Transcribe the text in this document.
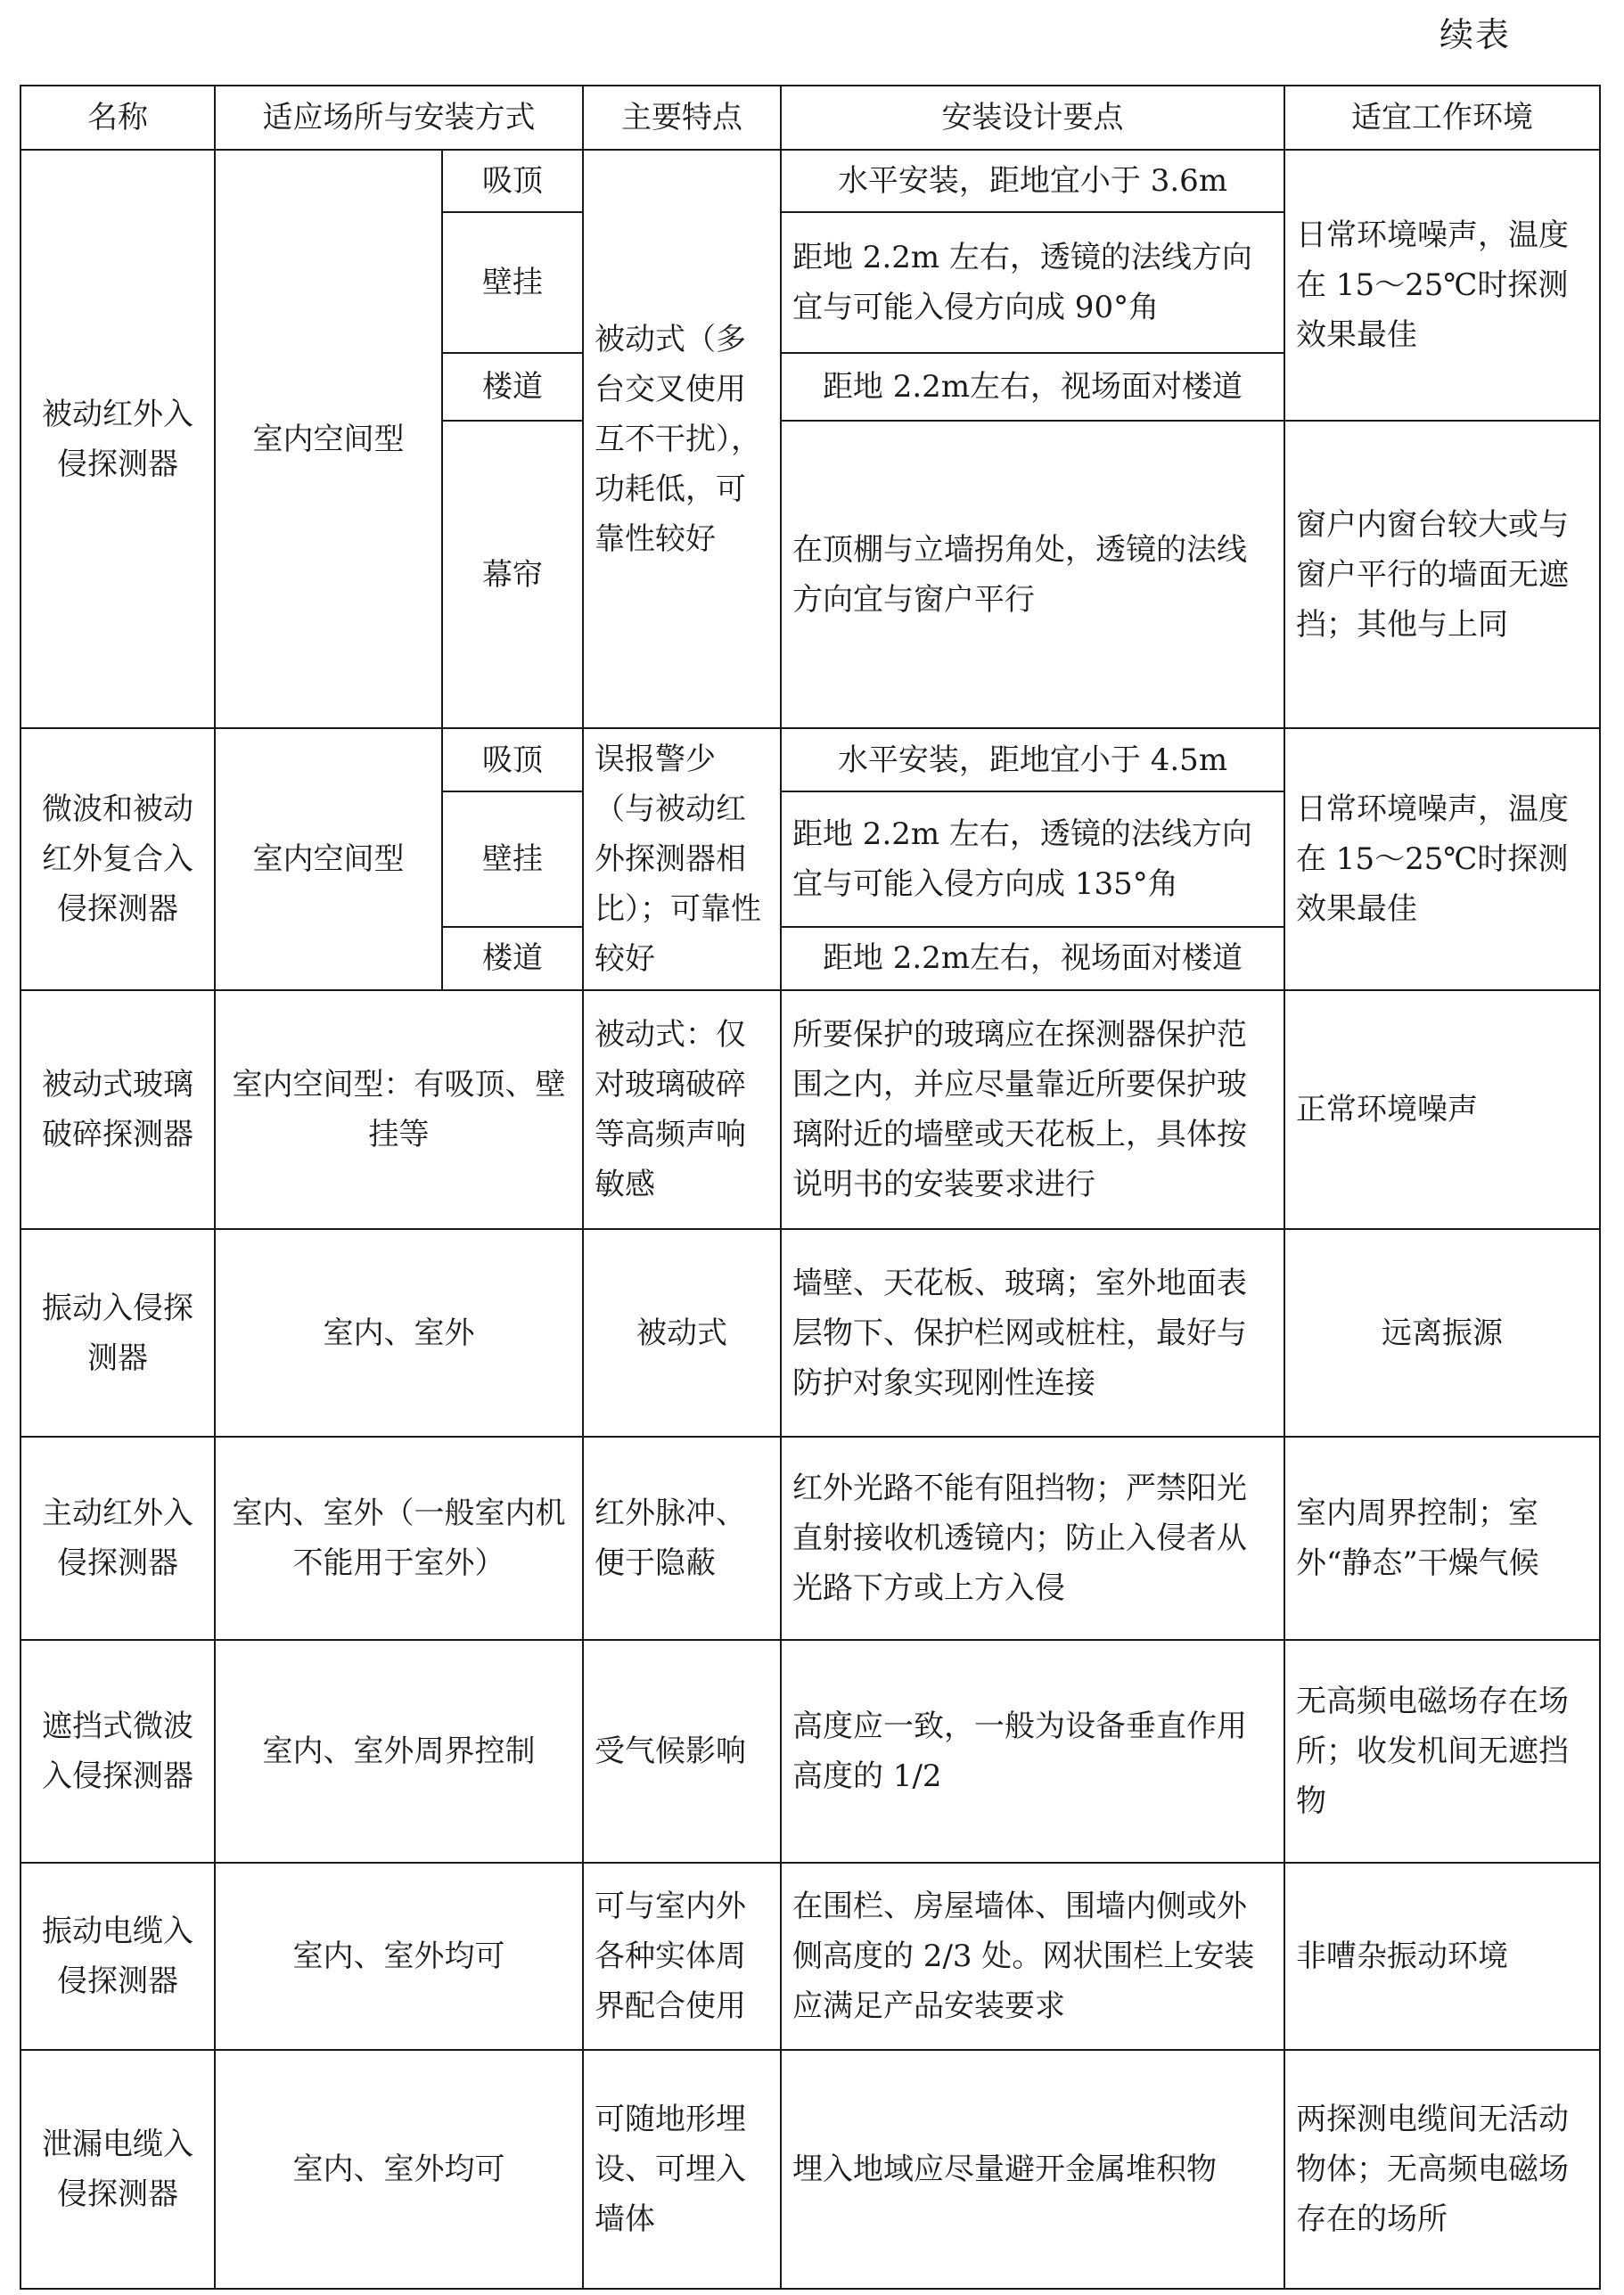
续表
名称	适应场所与安装方式		主要特点	安装设计要点	适宜工作环境
被动红外入侵探测器	室内空间型	吸顶	被动式（多台交叉使用互不干扰），功耗低，可靠性较好	水平安装，距地宜小于 3.6m	日常环境噪声，温度在 15～25℃时探测效果最佳
		壁挂		距地 2.2m 左右，透镜的法线方向宜与可能入侵方向成 90°角	
		楼道		距地 2.2m左右，视场面对楼道	
		幕帘		在顶棚与立墙拐角处，透镜的法线方向宜与窗户平行	窗户内窗台较大或与窗户平行的墙面无遮挡；其他与上同
微波和被动红外复合入侵探测器	室内空间型	吸顶	误报警少（与被动红外探测器相比）；可靠性较好	水平安装，距地宜小于 4.5m	日常环境噪声，温度在 15～25℃时探测效果最佳
		壁挂		距地 2.2m 左右，透镜的法线方向宜与可能入侵方向成 135°角	
		楼道		距地 2.2m左右，视场面对楼道	
被动式玻璃破碎探测器	室内空间型：有吸顶、壁挂等		被动式：仅对玻璃破碎等高频声响敏感	所要保护的玻璃应在探测器保护范围之内，并应尽量靠近所要保护玻璃附近的墙壁或天花板上，具体按说明书的安装要求进行	正常环境噪声
振动入侵探测器	室内、室外		被动式	墙壁、天花板、玻璃；室外地面表层物下、保护栏网或桩柱，最好与防护对象实现刚性连接	远离振源
主动红外入侵探测器	室内、室外（一般室内机不能用于室外）		红外脉冲、便于隐蔽	红外光路不能有阻挡物；严禁阳光直射接收机透镜内；防止入侵者从光路下方或上方入侵	室内周界控制；室外“静态”干燥气候
遮挡式微波入侵探测器	室内、室外周界控制		受气候影响	高度应一致，一般为设备垂直作用高度的 1/2	无高频电磁场存在场所；收发机间无遮挡物
振动电缆入侵探测器	室内、室外均可		可与室内外各种实体周界配合使用	在围栏、房屋墙体、围墙内侧或外侧高度的 2/3 处。网状围栏上安装应满足产品安装要求	非嘈杂振动环境
泄漏电缆入侵探测器	室内、室外均可		可随地形埋设、可埋入墙体	埋入地域应尽量避开金属堆积物	两探测电缆间无活动物体；无高频电磁场存在的场所
